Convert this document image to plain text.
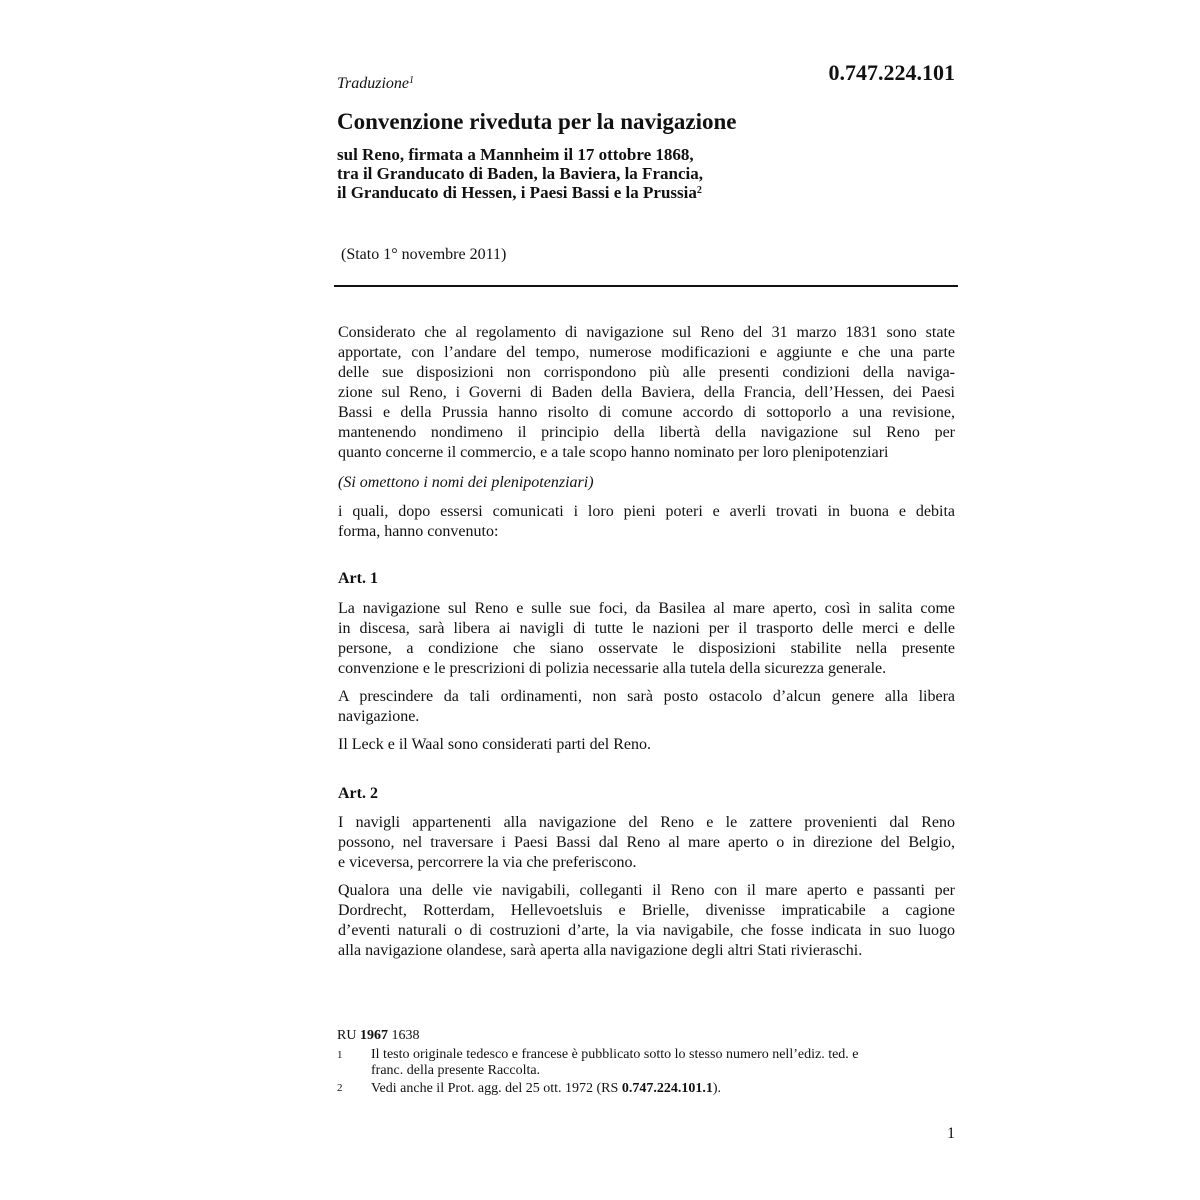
0.747.224.101
Traduzione$^1$
Convenzione riveduta per la navigazione
sul Reno, firmata a Mannheim il 17 ottobre 1868,
tra il Granducato di Baden, la Baviera, la Francia,
il Granducato di Hessen, i Paesi Bassi e la Prussia$^2$
(Stato 1° novembre 2011)
Considerato che al regolamento di navigazione sul Reno del 31 marzo 1831 sono state
apportate, con l’andare del tempo, numerose modificazioni e aggiunte e che una parte
delle sue disposizioni non corrispondono più alle presenti condizioni della naviga-
zione sul Reno, i Governi di Baden della Baviera, della Francia, dell’Hessen, dei Paesi
Bassi e della Prussia hanno risolto di comune accordo di sottoporlo a una revisione,
mantenendo nondimeno il principio della libertà della navigazione sul Reno per
quanto concerne il commercio, e a tale scopo hanno nominato per loro plenipotenziari
(Si omettono i nomi dei plenipotenziari)
i quali, dopo essersi comunicati i loro pieni poteri e averli trovati in buona e debita
forma, hanno convenuto:
Art. 1
La navigazione sul Reno e sulle sue foci, da Basilea al mare aperto, così in salita come
in discesa, sarà libera ai navigli di tutte le nazioni per il trasporto delle merci e delle
persone, a condizione che siano osservate le disposizioni stabilite nella presente
convenzione e le prescrizioni di polizia necessarie alla tutela della sicurezza generale.
A prescindere da tali ordinamenti, non sarà posto ostacolo d’alcun genere alla libera
navigazione.
Il Leck e il Waal sono considerati parti del Reno.
Art. 2
I navigli appartenenti alla navigazione del Reno e le zattere provenienti dal Reno
possono, nel traversare i Paesi Bassi dal Reno al mare aperto o in direzione del Belgio,
e viceversa, percorrere la via che preferiscono.
Qualora una delle vie navigabili, colleganti il Reno con il mare aperto e passanti per
Dordrecht, Rotterdam, Hellevoetsluis e Brielle, divenisse impraticabile a cagione
d’eventi naturali o di costruzioni d’arte, la via navigabile, che fosse indicata in suo luogo
alla navigazione olandese, sarà aperta alla navigazione degli altri Stati rivieraschi.
RU 1967 1638
1 Il testo originale tedesco e francese è pubblicato sotto lo stesso numero nell’ediz. ted. e
franc. della presente Raccolta.
2 Vedi anche il Prot. agg. del 25 ott. 1972 (RS 0.747.224.101.1).
1
